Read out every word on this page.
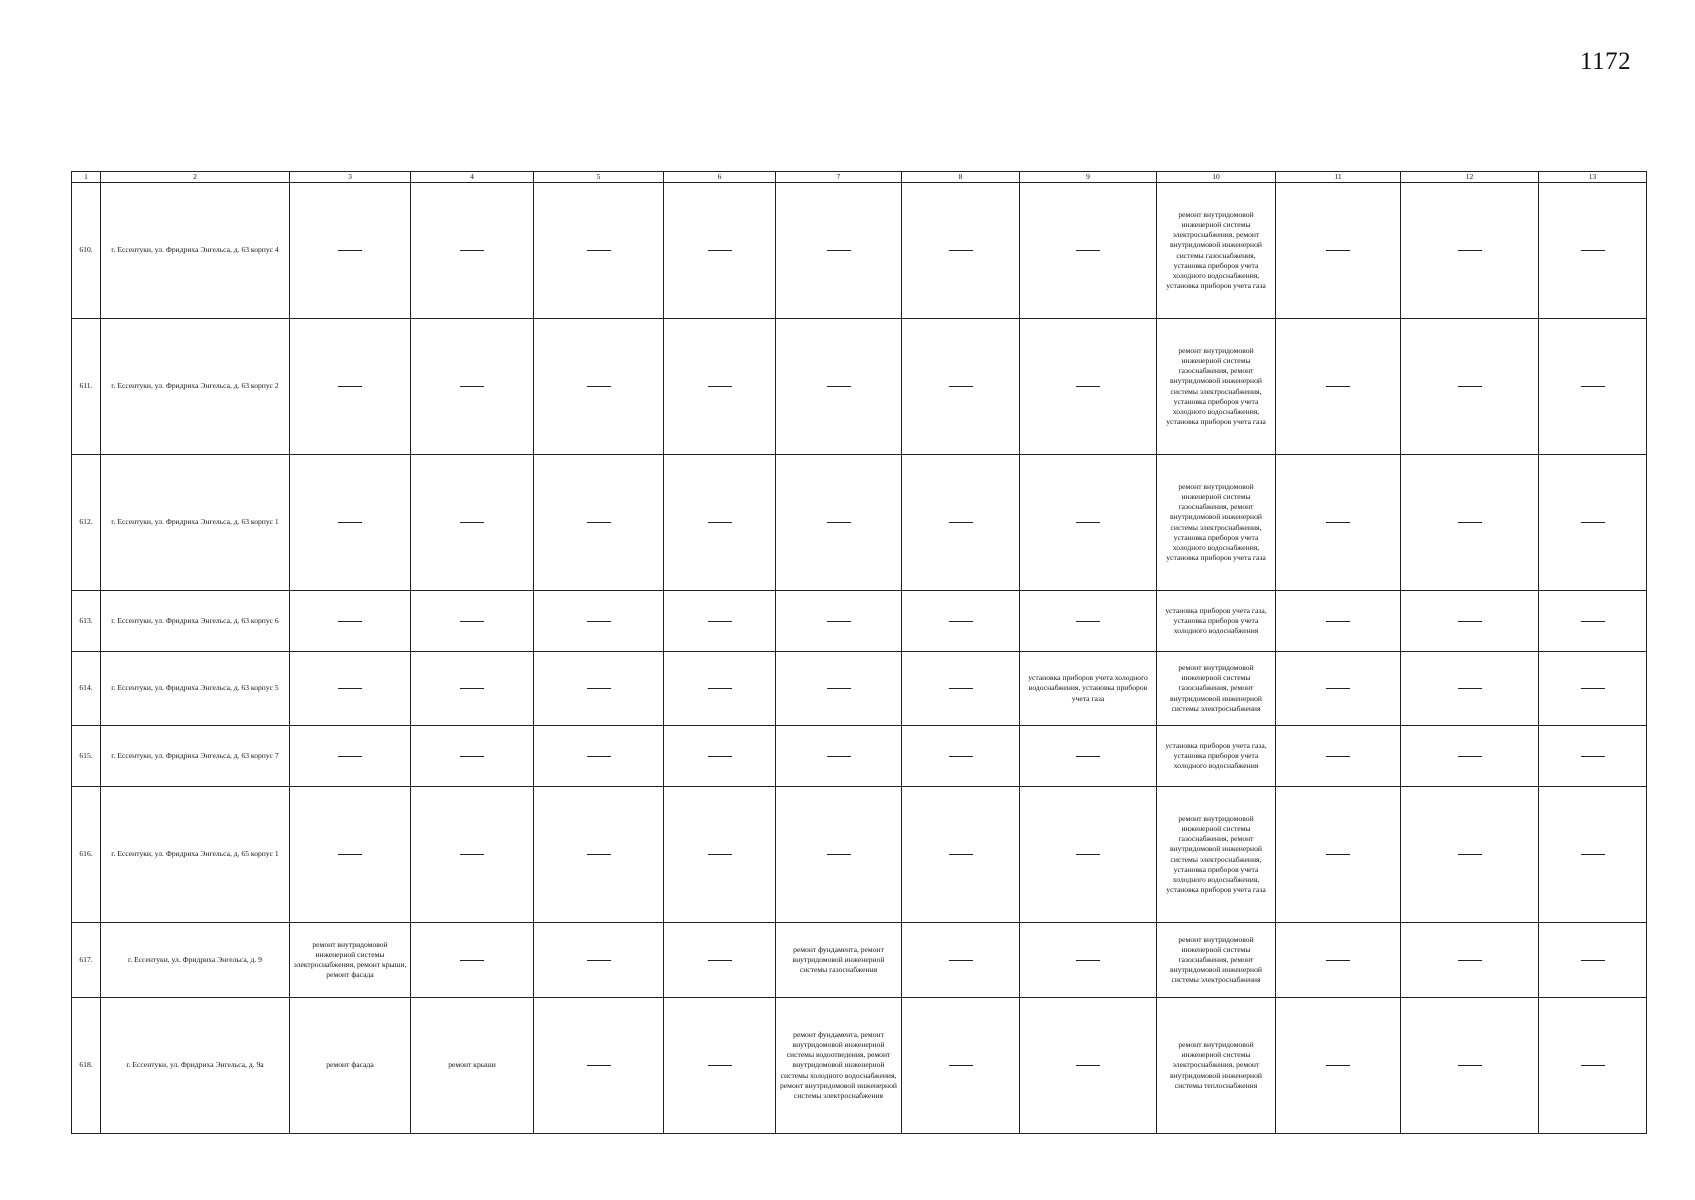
1172
1	2	3	4	5	6	7	8	9	10	11	12	13
610.	г. Ессентуки, ул. Фридриха Энгельса, д. 63 корпус 4								ремонт внутридомовой инженерной системы электроснабжения, ремонт внутридомовой инженерной системы газоснабжения, установка приборов учета холодного водоснабжения, установка приборов учета газа			

611.	г. Ессентуки, ул. Фридриха Энгельса, д. 63 корпус 2								ремонт внутридомовой инженерной системы газоснабжения, ремонт внутридомовой инженерной системы электроснабжения, установка приборов учета холодного водоснабжения, установка приборов учета газа			

612.	г. Ессентуки, ул. Фридриха Энгельса, д. 63 корпус 1								ремонт внутридомовой инженерной системы газоснабжения, ремонт внутридомовой инженерной системы электроснабжения, установка приборов учета холодного водоснабжения, установка приборов учета газа			

613.	г. Ессентуки, ул. Фридриха Энгельса, д. 63 корпус 6								установка приборов учета газа, установка приборов учета холодного водоснабжения			

614.	г. Ессентуки, ул. Фридриха Энгельса, д. 63 корпус 5							установка приборов учета холодного водоснабжения, установка приборов учета газа	ремонт внутридомовой инженерной системы газоснабжения, ремонт внутридомовой инженерной системы электроснабжения			

615.	г. Ессентуки, ул. Фридриха Энгельса, д. 63 корпус 7								установка приборов учета газа, установка приборов учета холодного водоснабжения			

616.	г. Ессентуки, ул. Фридриха Энгельса, д. 65 корпус 1								ремонт внутридомовой инженерной системы газоснабжения, ремонт внутридомовой инженерной системы электроснабжения, установка приборов учета холодного водоснабжения, установка приборов учета газа			

617.	г. Ессентуки, ул. Фридриха Энгельса, д. 9	ремонт внутридомовой инженерной системы электроснабжения, ремонт крыши, ремонт фасада				ремонт фундамента, ремонт внутридомовой инженерной системы газоснабжения			ремонт внутридомовой инженерной системы газоснабжения, ремонт внутридомовой инженерной системы электроснабжения			

618.	г. Ессентуки, ул. Фридриха Энгельса, д. 9а	ремонт фасада	ремонт крыши			ремонт фундамента, ремонт внутридомовой инженерной системы водоотведения, ремонт внутридомовой инженерной системы холодного водоснабжения, ремонт внутридомовой инженерной системы электроснабжения			ремонт внутридомовой инженерной системы электроснабжения, ремонт внутридомовой инженерной системы теплоснабжения			
